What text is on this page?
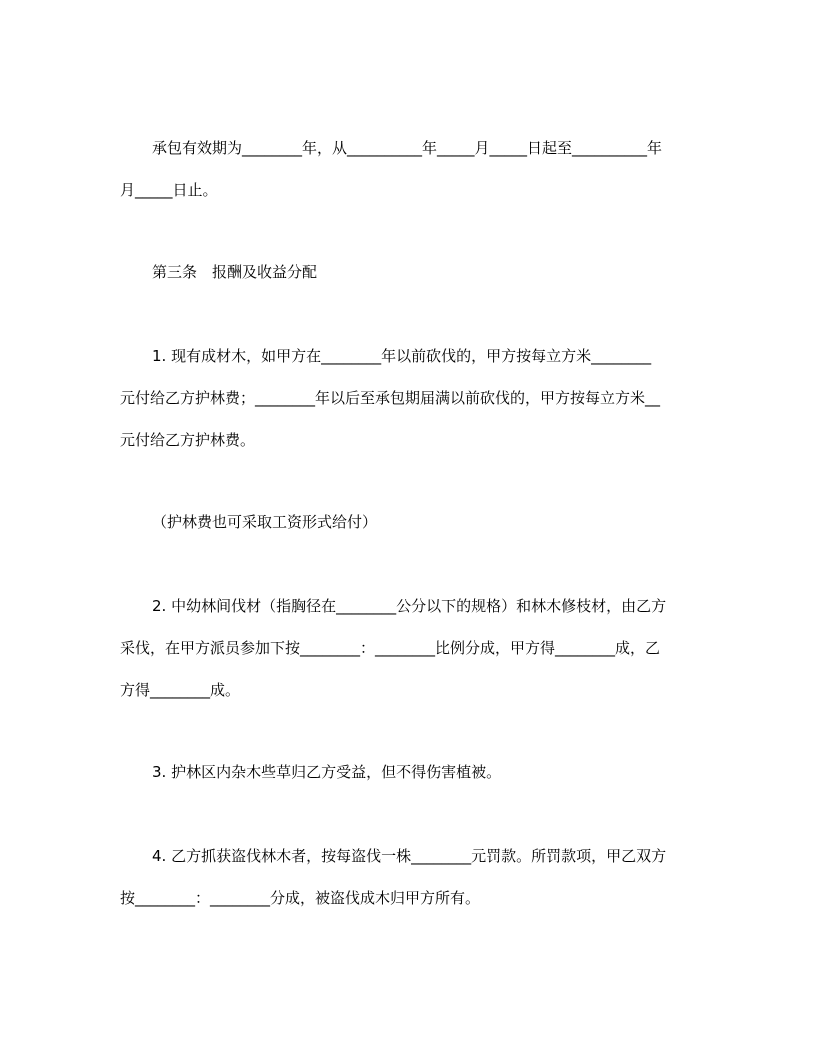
承包有效期为________年，从__________年_____月_____日起至__________年
月_____日止。
第三条　报酬及收益分配
1. 现有成材木，如甲方在________年以前砍伐的，甲方按每立方米________
元付给乙方护林费；________年以后至承包期届满以前砍伐的，甲方按每立方米__
元付给乙方护林费。
（护林费也可采取工资形式给付）
2. 中幼林间伐材（指胸径在________公分以下的规格）和林木修枝材，由乙方
采伐，在甲方派员参加下按________：________比例分成，甲方得________成，乙
方得________成。
3. 护林区内杂木些草归乙方受益，但不得伤害植被。
4. 乙方抓获盗伐林木者，按每盗伐一株________元罚款。所罚款项，甲乙双方
按________：________分成，被盗伐成木归甲方所有。
